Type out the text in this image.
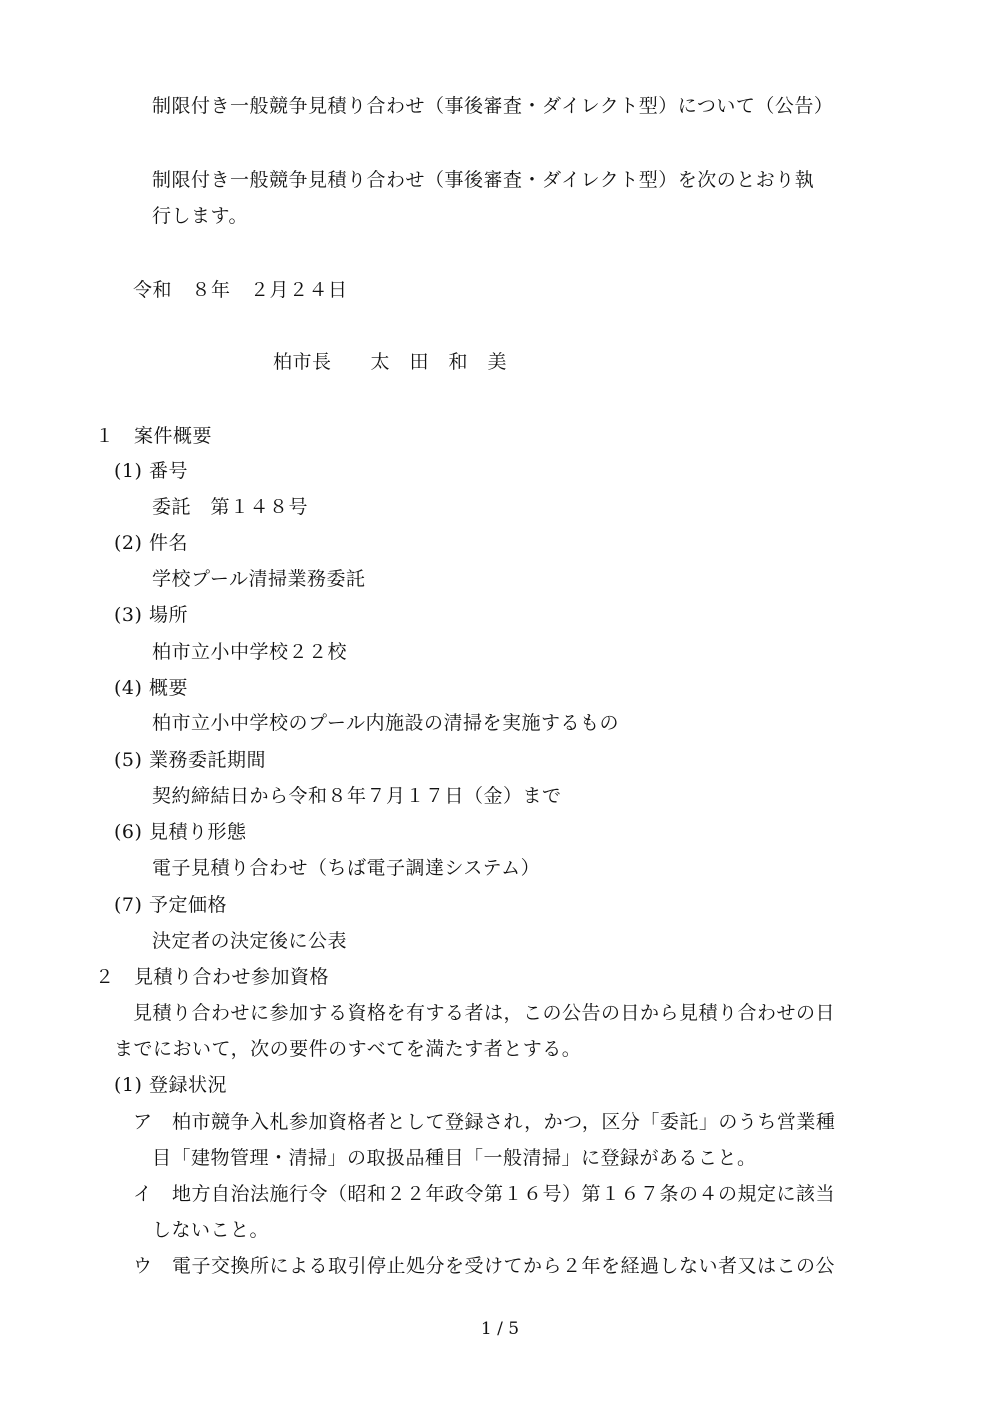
制限付き一般競争見積り合わせ（事後審査・ダイレクト型）について（公告）
制限付き一般競争見積り合わせ（事後審査・ダイレクト型）を次のとおり執
行します。
令和　８年　２月２４日
柏市長　　太　田　和　美
１　案件概要
(1) 番号
委託　第１４８号
(2) 件名
学校プール清掃業務委託
(3) 場所
柏市立小中学校２２校
(4) 概要
柏市立小中学校のプール内施設の清掃を実施するもの
(5) 業務委託期間
契約締結日から令和８年７月１７日（金）まで
(6) 見積り形態
電子見積り合わせ（ちば電子調達システム）
(7) 予定価格
決定者の決定後に公表
２　見積り合わせ参加資格
見積り合わせに参加する資格を有する者は，この公告の日から見積り合わせの日
までにおいて，次の要件のすべてを満たす者とする。
(1) 登録状況
ア　柏市競争入札参加資格者として登録され，かつ，区分「委託」のうち営業種
目「建物管理・清掃」の取扱品種目「一般清掃」に登録があること。
イ　地方自治法施行令（昭和２２年政令第１６号）第１６７条の４の規定に該当
しないこと。
ウ　電子交換所による取引停止処分を受けてから２年を経過しない者又はこの公
1 / 5
